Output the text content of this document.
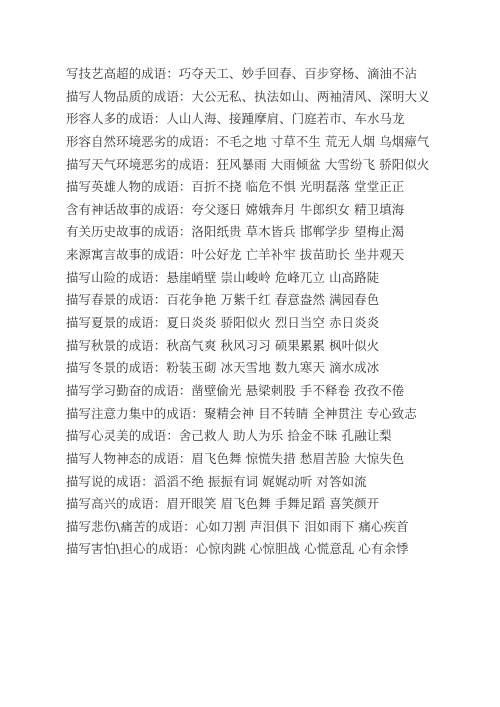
写技艺高超的成语：巧夺天工、妙手回春、百步穿杨、滴油不沾
描写人物品质的成语：大公无私、执法如山、两袖清风、深明大义
形容人多的成语：人山人海、接踵摩肩、门庭若市、车水马龙
形容自然环境恶劣的成语：不毛之地 寸草不生 荒无人烟 乌烟瘴气
描写天气环境恶劣的成语：狂风暴雨 大雨倾盆 大雪纷飞 骄阳似火
描写英雄人物的成语：百折不挠 临危不惧 光明磊落 堂堂正正
含有神话故事的成语：夸父逐日 嫦娥奔月 牛郎织女 精卫填海
有关历史故事的成语：洛阳纸贵 草木皆兵 邯郸学步 望梅止渴
来源寓言故事的成语：叶公好龙 亡羊补牢 拔苗助长 坐井观天
描写山险的成语：悬崖峭壁 崇山峻岭 危峰兀立 山高路陡
描写春景的成语：百花争艳 万紫千红 春意盎然 满园春色
描写夏景的成语：夏日炎炎 骄阳似火 烈日当空 赤日炎炎
描写秋景的成语：秋高气爽 秋风习习 硕果累累 枫叶似火
描写冬景的成语：粉装玉砌 冰天雪地 数九寒天 滴水成冰
描写学习勤奋的成语：凿壁偷光 悬梁刺股 手不释卷 孜孜不倦
描写注意力集中的成语：聚精会神 目不转睛 全神贯注 专心致志
描写心灵美的成语：舍己救人 助人为乐 拾金不昧 孔融让梨
描写人物神态的成语：眉飞色舞 惊慌失措 愁眉苦脸 大惊失色
描写说的成语：滔滔不绝 振振有词 娓娓动听 对答如流
描写高兴的成语：眉开眼笑 眉飞色舞 手舞足蹈 喜笑颜开
描写悲伤\痛苦的成语：心如刀割 声泪俱下 泪如雨下 痛心疾首
描写害怕\担心的成语：心惊肉跳 心惊胆战 心慌意乱 心有余悸
